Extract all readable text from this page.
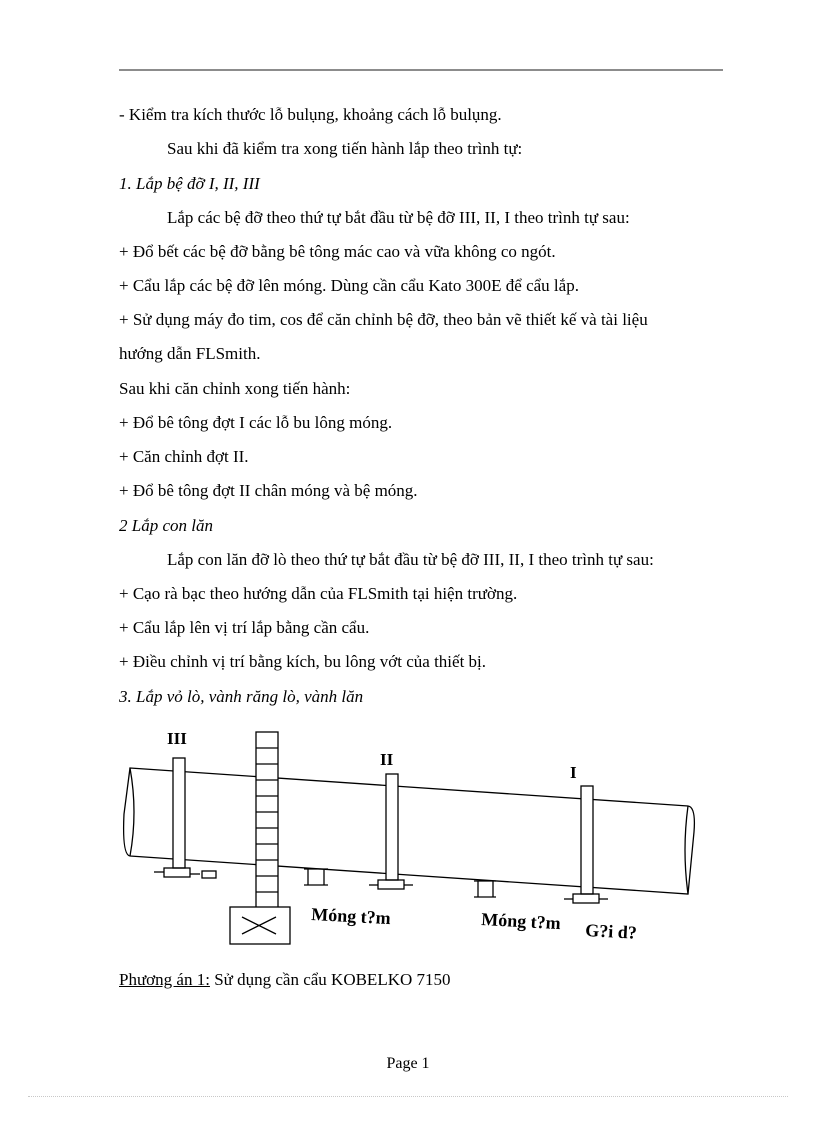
- Kiểm tra kích thước lỗ bulụng, khoảng cách lỗ bulụng.
Sau khi đã kiểm tra xong tiến hành lắp theo trình tự:
1. Lắp bệ đỡ I, II, III
Lắp các bệ đỡ theo thứ tự bắt đầu từ bệ đỡ III, II, I theo trình tự sau:
+ Đổ bết các bệ đỡ bằng bê tông mác cao và vữa không co ngót.
+ Cẩu lắp các bệ đỡ lên móng. Dùng cần cẩu Kato 300E để cẩu lắp.
+ Sử dụng máy đo tim, cos để căn chỉnh bệ đỡ, theo bản vẽ thiết kế và tài liệu
hướng dẫn FLSmith.
Sau khi căn chỉnh xong tiến hành:
+ Đổ bê tông đợt I các lỗ bu lông móng.
+ Căn chỉnh đợt II.
+ Đổ bê tông đợt II chân móng và bệ móng.
2 Lắp con lăn
Lắp con lăn đỡ lò theo thứ tự bắt đầu từ bệ đỡ III, II, I theo trình tự sau:
+ Cạo rà bạc theo hướng dẫn của FLSmith tại hiện trường.
+ Cẩu lắp lên vị trí lắp bằng cần cẩu.
+ Điều chỉnh vị trí bằng kích, bu lông vớt của thiết bị.
3. Lắp vỏ lò, vành răng lò, vành lăn
III
II
I
Móng t?m	Móng t?m G?i d?
Phương án 1: Sử dụng cần cẩu KOBELKO 7150
Page 1
